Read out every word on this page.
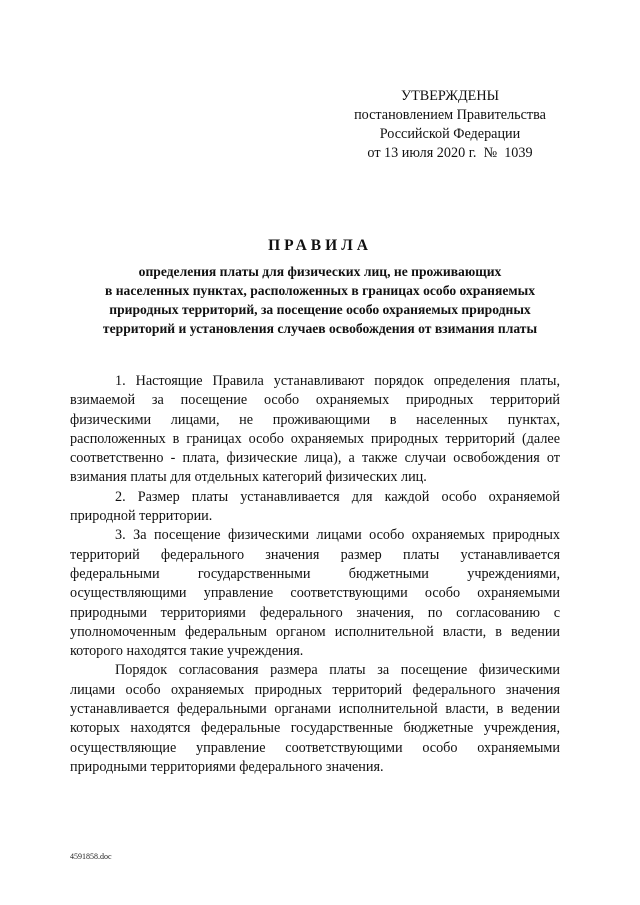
УТВЕРЖДЕНЫ
постановлением Правительства
Российской Федерации
от 13 июля 2020 г.  №  1039
ПРАВИЛА
определения платы для физических лиц, не проживающих
в населенных пунктах, расположенных в границах особо охраняемых
природных территорий, за посещение особо охраняемых природных
территорий и установления случаев освобождения от взимания платы

1. Настоящие Правила устанавливают порядок определения платы, взимаемой за посещение особо охраняемых природных территорий физическими лицами, не проживающими в населенных пунктах, расположенных в границах особо охраняемых природных территорий (далее соответственно - плата, физические лица), а также случаи освобождения от взимания платы для отдельных категорий физических лиц.

2. Размер платы устанавливается для каждой особо охраняемой природной территории.

3. За посещение физическими лицами особо охраняемых природных территорий федерального значения размер платы устанавливается федеральными государственными бюджетными учреждениями, осуществляющими управление соответствующими особо охраняемыми природными территориями федерального значения, по согласованию с уполномоченным федеральным органом исполнительной власти, в ведении которого находятся такие учреждения.

Порядок согласования размера платы за посещение физическими лицами особо охраняемых природных территорий федерального значения устанавливается федеральными органами исполнительной власти, в ведении которых находятся федеральные государственные бюджетные учреждения, осуществляющие управление соответствующими особо охраняемыми природными территориями федерального значения.

4591858.doc
